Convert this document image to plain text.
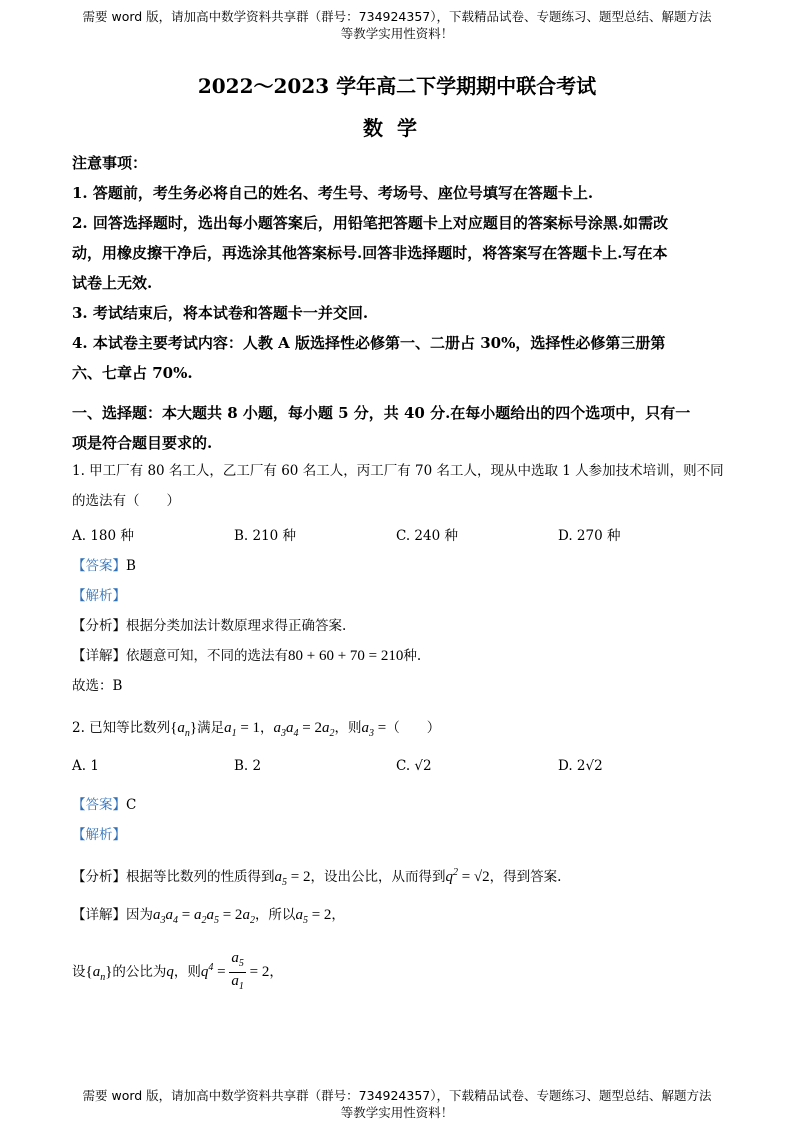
需要 word 版，请加高中数学资料共享群（群号：734924357），下载精品试卷、专题练习、题型总结、解题方法
等教学实用性资料！
2022～2023 学年高二下学期期中联合考试
数学
注意事项：
1. 答题前，考生务必将自己的姓名、考生号、考场号、座位号填写在答题卡上.
2. 回答选择题时，选出每小题答案后，用铅笔把答题卡上对应题目的答案标号涂黑.如需改
动，用橡皮擦干净后，再选涂其他答案标号.回答非选择题时，将答案写在答题卡上.写在本
试卷上无效.
3. 考试结束后，将本试卷和答题卡一并交回.
4. 本试卷主要考试内容：人教 A 版选择性必修第一、二册占 30%，选择性必修第三册第
六、七章占 70%.
一、选择题：本大题共 8 小题，每小题 5 分，共 40 分.在每小题给出的四个选项中，只有一
项是符合题目要求的.
1. 甲工厂有 80 名工人，乙工厂有 60 名工人，丙工厂有 70 名工人，现从中选取 1 人参加技术培训，则不同
的选法有（　　）
A. 180 种	B. 210 种	C. 240 种	D. 270 种
【答案】B
【解析】
【分析】根据分类加法计数原理求得正确答案.
【详解】依题意可知，不同的选法有80 + 60 + 70 = 210种.
故选：B
2. 已知等比数列$\{a_n\}$满足$a_1 = 1$，$a_3a_4 = 2a_2$，则$a_3$ =（　　）
A. 1	B. 2	C. √2	D. 2√2
【答案】C
【解析】
【分析】根据等比数列的性质得到$a_5 = 2$，设出公比，从而得到$q^2 = √2$，得到答案.
【详解】因为$a_3a_4 = a_2a_5 = 2a_2$，所以$a_5 = 2$，
设$\{a_n\}$的公比为q，则$q^4 = \frac{a_5}{a_1} = 2$，
需要 word 版，请加高中数学资料共享群（群号：734924357），下载精品试卷、专题练习、题型总结、解题方法
等教学实用性资料！
